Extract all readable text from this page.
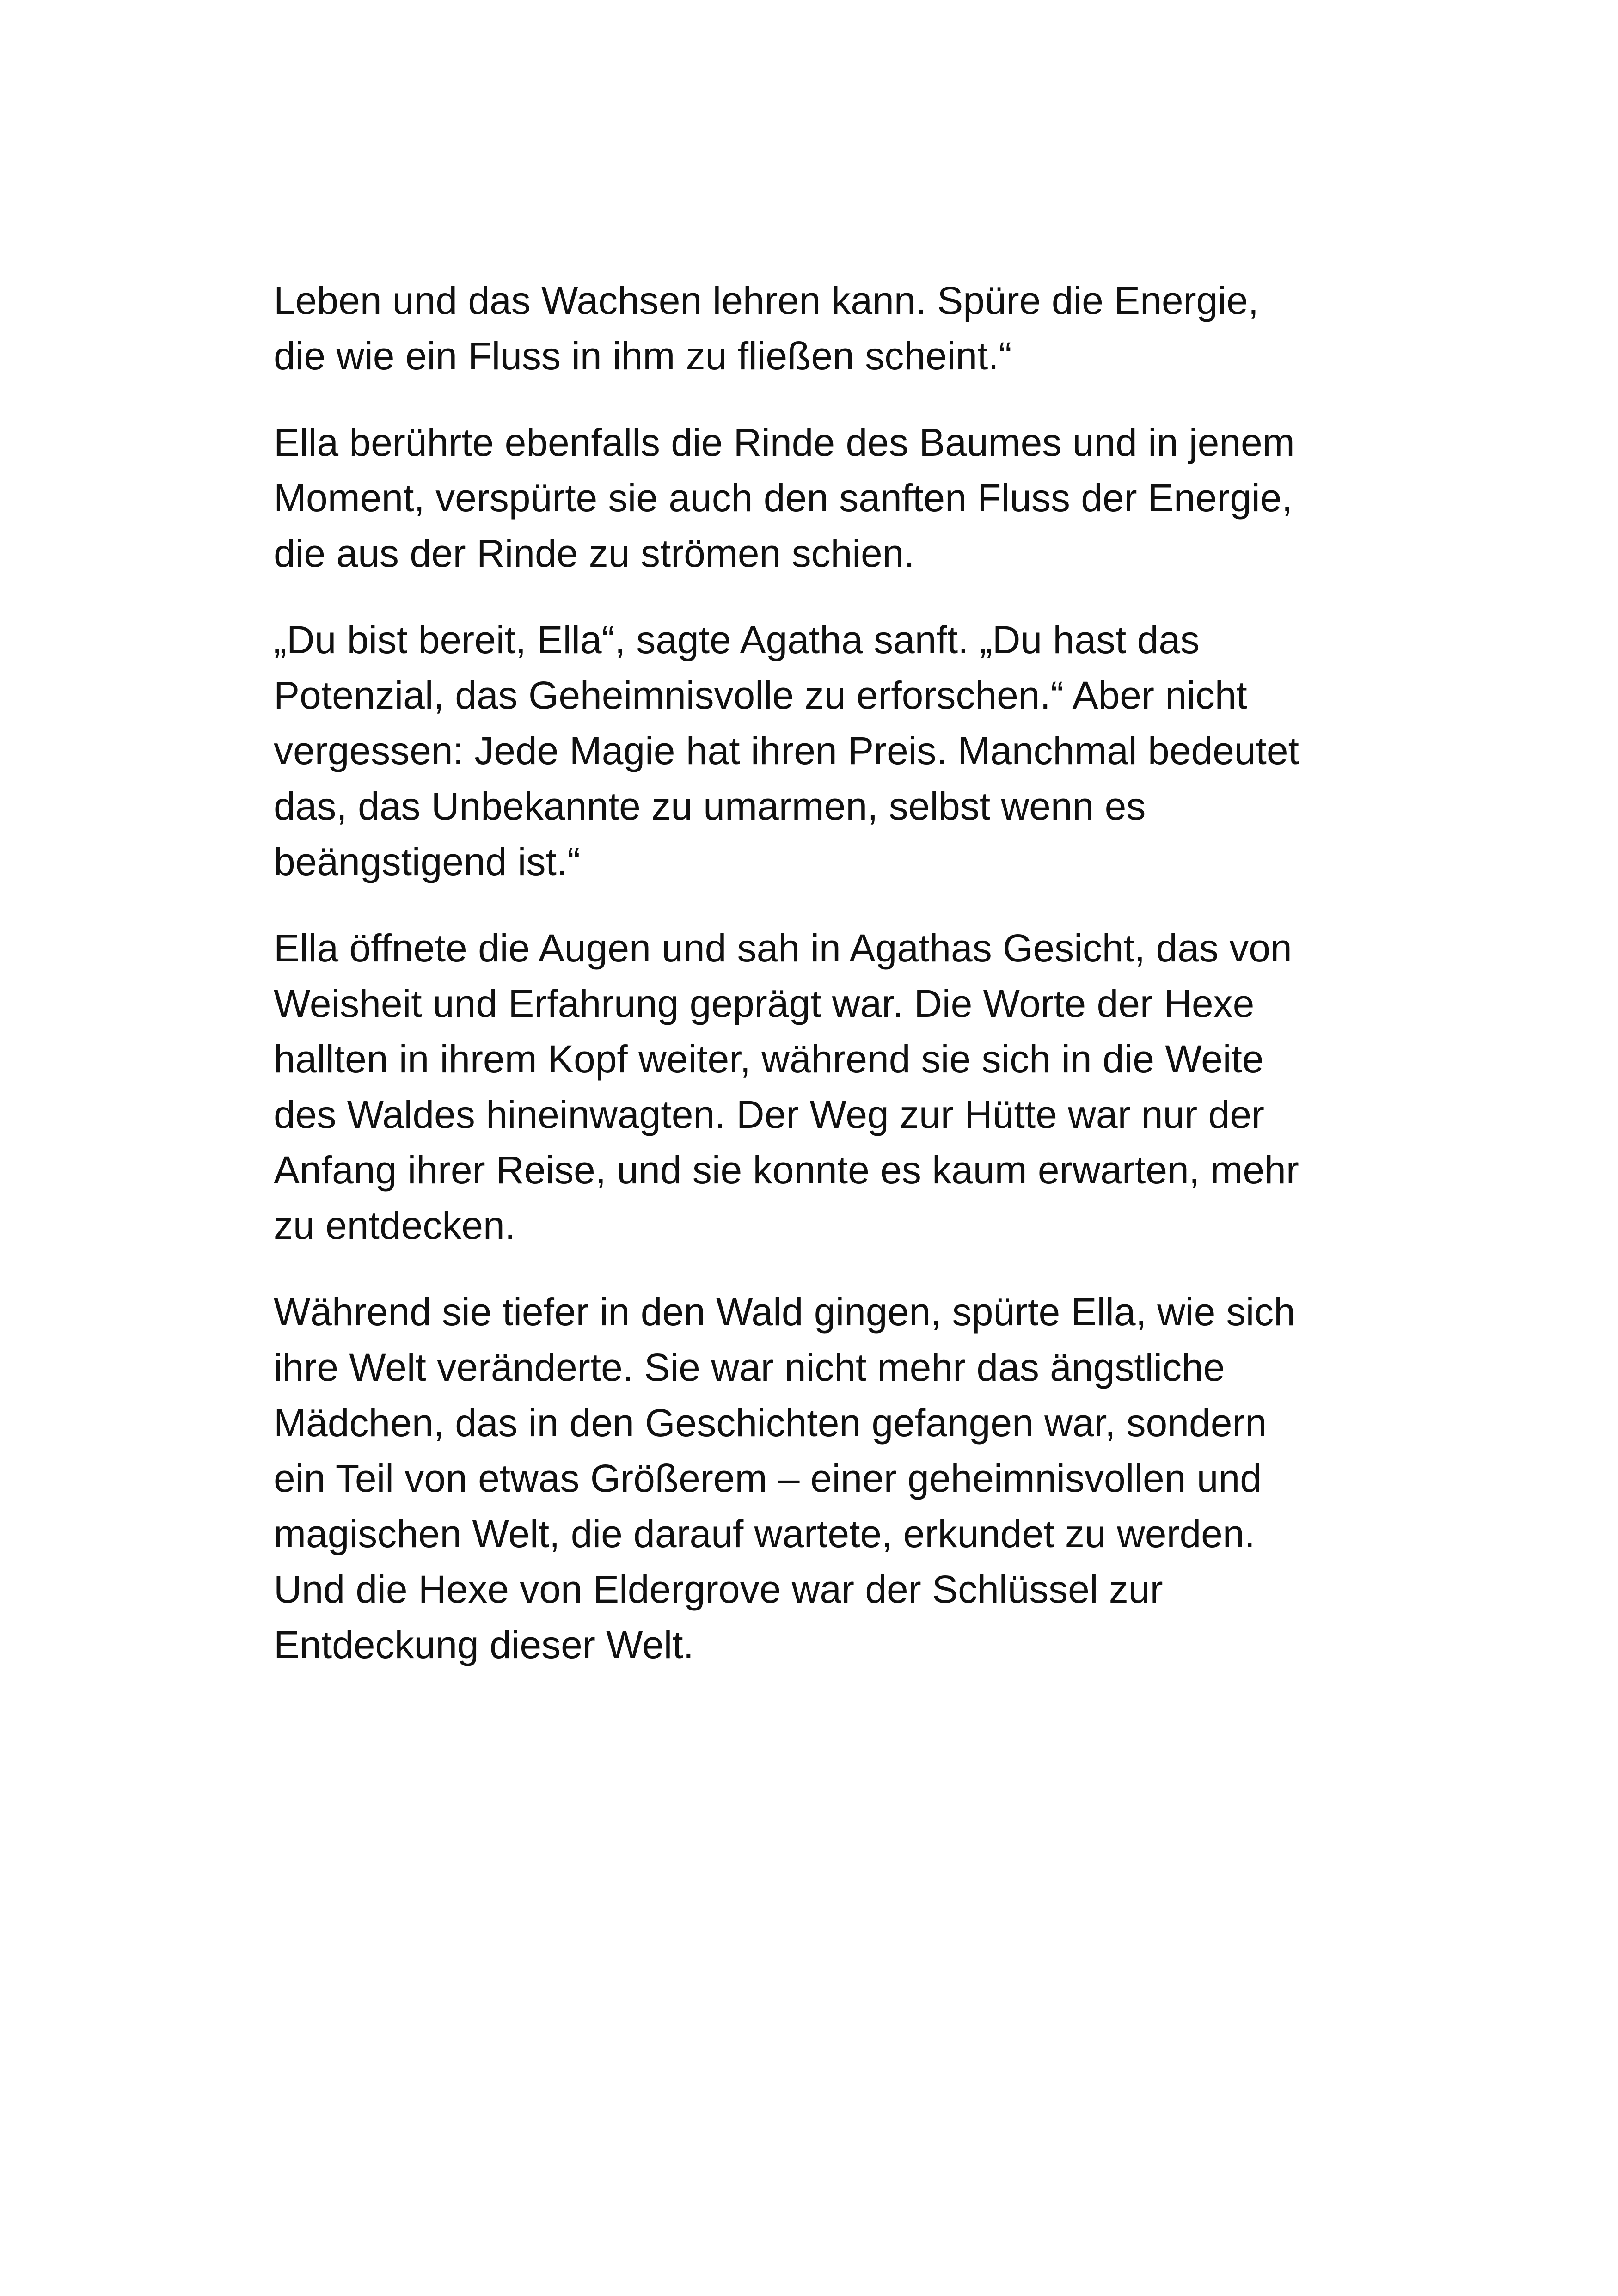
Leben und das Wachsen lehren kann. Spüre die Energie,
die wie ein Fluss in ihm zu fließen scheint.“

Ella berührte ebenfalls die Rinde des Baumes und in jenem
Moment, verspürte sie auch den sanften Fluss der Energie,
die aus der Rinde zu strömen schien.

„Du bist bereit, Ella“, sagte Agatha sanft. „Du hast das
Potenzial, das Geheimnisvolle zu erforschen.“ Aber nicht
vergessen: Jede Magie hat ihren Preis. Manchmal bedeutet
das, das Unbekannte zu umarmen, selbst wenn es
beängstigend ist.“

Ella öffnete die Augen und sah in Agathas Gesicht, das von
Weisheit und Erfahrung geprägt war. Die Worte der Hexe
hallten in ihrem Kopf weiter, während sie sich in die Weite
des Waldes hineinwagten. Der Weg zur Hütte war nur der
Anfang ihrer Reise, und sie konnte es kaum erwarten, mehr
zu entdecken.

Während sie tiefer in den Wald gingen, spürte Ella, wie sich
ihre Welt veränderte. Sie war nicht mehr das ängstliche
Mädchen, das in den Geschichten gefangen war, sondern
ein Teil von etwas Größerem – einer geheimnisvollen und
magischen Welt, die darauf wartete, erkundet zu werden.
Und die Hexe von Eldergrove war der Schlüssel zur
Entdeckung dieser Welt.
